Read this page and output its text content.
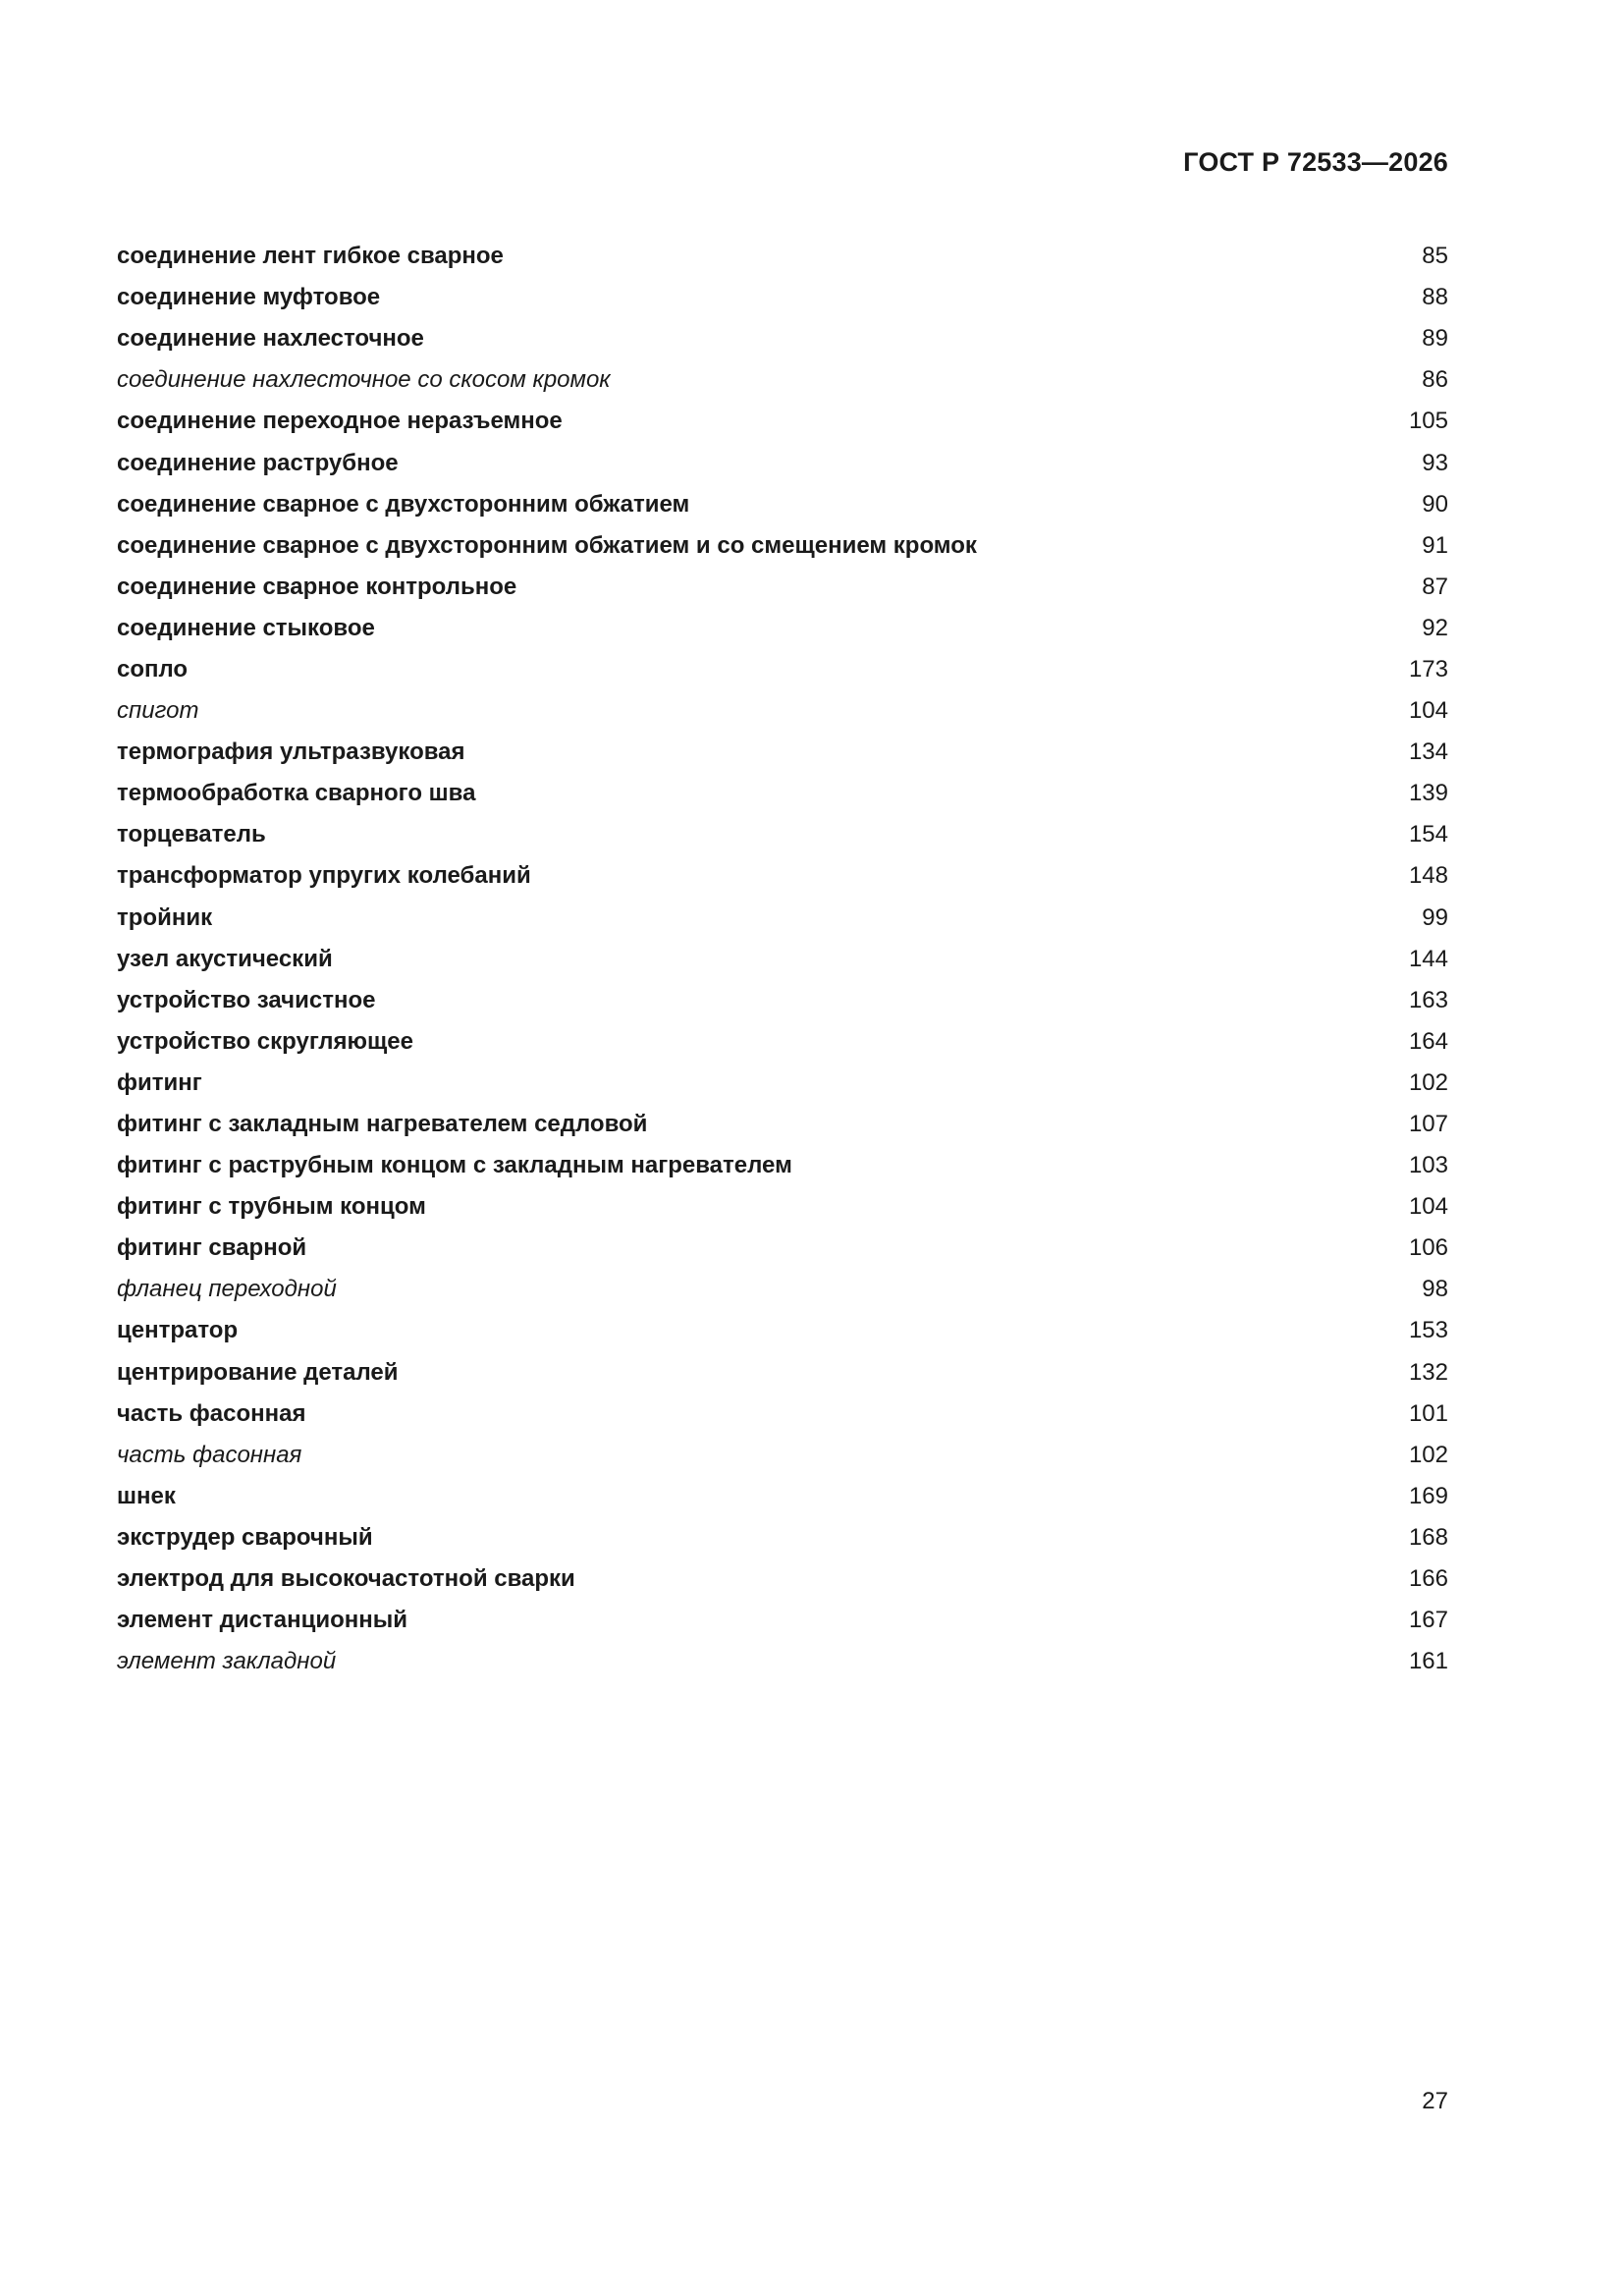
ГОСТ Р 72533—2026
соединение лент гибкое сварное	85
соединение муфтовое	88
соединение нахлесточное	89
соединение нахлесточное со скосом кромок	86
соединение переходное неразъемное	105
соединение раструбное	93
соединение сварное с двухсторонним обжатием	90
соединение сварное с двухсторонним обжатием и со смещением кромок	91
соединение сварное контрольное	87
соединение стыковое	92
сопло	173
спигот	104
термография ультразвуковая	134
термообработка сварного шва	139
торцеватель	154
трансформатор упругих колебаний	148
тройник	99
узел акустический	144
устройство зачистное	163
устройство скругляющее	164
фитинг	102
фитинг с закладным нагревателем седловой	107
фитинг с раструбным концом с закладным нагревателем	103
фитинг с трубным концом	104
фитинг сварной	106
фланец переходной	98
центратор	153
центрирование деталей	132
часть фасонная	101
часть фасонная	102
шнек	169
экструдер сварочный	168
электрод для высокочастотной сварки	166
элемент дистанционный	167
элемент закладной	161
27
